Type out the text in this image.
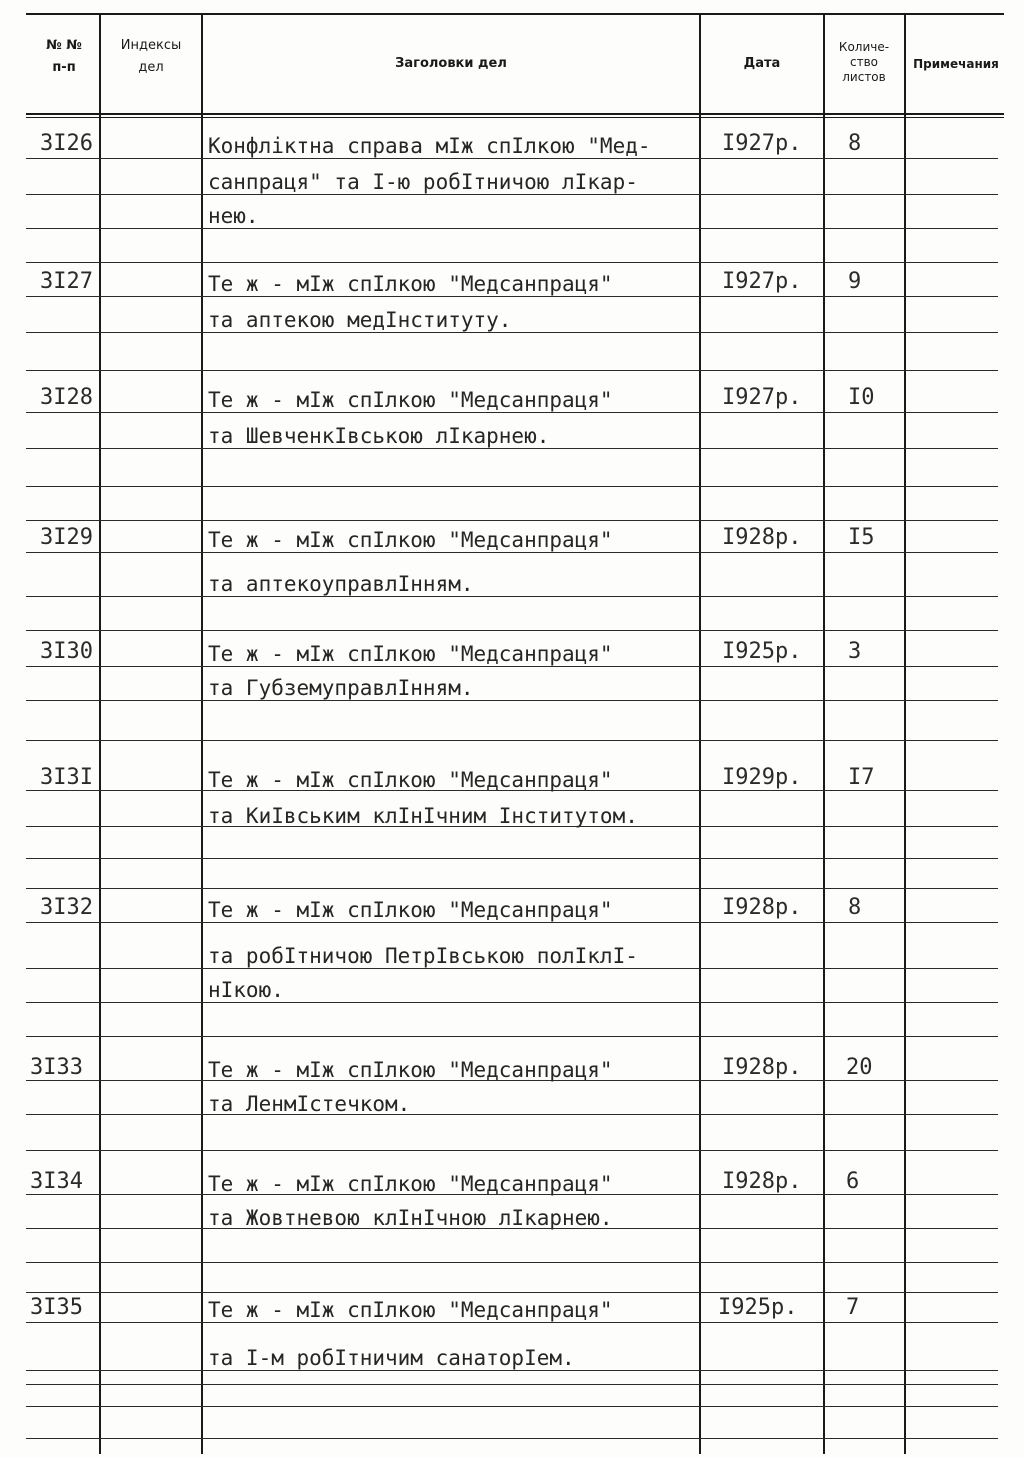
№ №
п-п
Индексы
дел	Заголовки дел	Дата
Количе-
ство
листов
Примечания
3I26	Конфлiктна справа мIж спIлкою "Мед-
санпраця" та I-ю робIтничою лIкар-
нею.
I927р. 8
3I27	Те ж - мIж спIлкою "Медсанпраця"
та аптекою медIнституту.
I927р. 9
3I28	Те ж - мIж спIлкою "Медсанпраця"
та ШевченкIвською лIкарнею.
I927р. I0
3I29	Те ж - мIж спIлкою "Медсанпраця"
та аптекоуправлIнням.
I928р. I5
3I30	Те ж - мIж спIлкою "Медсанпраця"
та ГубземуправлIнням.
I925р. 3
3I3I	Те ж - мIж спIлкою "Медсанпраця"
та КиIвським клIнIчним Iнститутом.
I929р. I7
3I32	Те ж - мIж спIлкою "Медсанпраця"
та робIтничою ПетрIвською полIклI-
нIкою.
I928р. 8
3I33	Те ж - мIж спIлкою "Медсанпраця"
та ЛенмIстечком.
I928р. 20
3I34	Те ж - мIж спIлкою "Медсанпраця"
та Жовтневою клIнIчною лIкарнею.
I928р. 6
3I35	Те ж - мIж спIлкою "Медсанпраця"
та I-м робIтничим санаторIем.
I925р. 7
